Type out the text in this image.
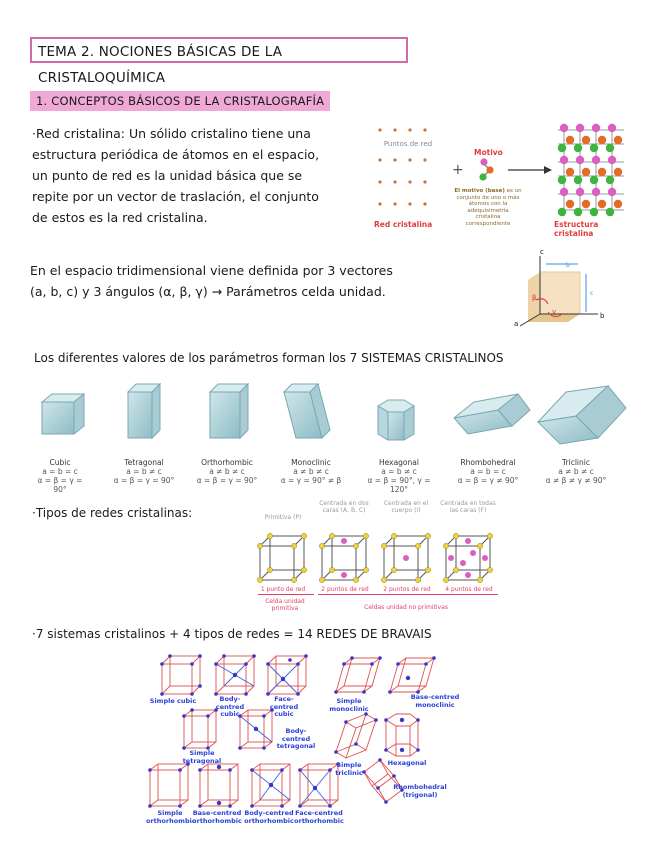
TEMA 2. NOCIONES BÁSICAS DE LA CRISTALOQUÍMICA
1. CONCEPTOS BÁSICOS DE LA CRISTALOGRAFÍA
·Red cristalina: Un sólido cristalino tiene una
estructura periódica de átomos en el espacio,
un punto de red es la unidad básica que se
repite por un vector de traslación, el conjunto
de estos es la red cristalina.
Puntos de red
+
Motivo
El motivo (base) es un conjunto de uno o más átomos con la adequisimetría cristalina correspondiente
Red cristalina	Estructura cristalina
En el espacio tridimensional viene definida por 3 vectores
(a, b, c) y 3 ángulos (α, β, γ) → Parámetros celda unidad.
c
b
a
b
c
β
γ
Los diferentes valores de los parámetros forman los 7 SISTEMAS CRISTALINOS
Cubic
a = b = c
α = β = γ = 90°
Tetragonal
a = b ≠ c
α = β = γ = 90°
Orthorhombic
a ≠ b ≠ c
α = β = γ = 90°
Monoclinic
a ≠ b ≠ c
α = γ = 90° ≠ β
Hexagonal
a = b ≠ c
α = β = 90°, γ = 120°
Rhombohedral
a = b = c
α = β = γ ≠ 90°
Triclinic
a ≠ b ≠ c
α ≠ β ≠ γ ≠ 90°
·Tipos de redes cristalinas:	Primitiva (P)
Centrada en dos caras (A, B, C)
Centrada en el cuerpo (I)
Centrada en todas las caras (F)
1 punto de red	2 puntos de red	2 puntos de red	4 puntos de red
Celda unidad primitiva	Celdas unidad no primitivas
·7 sistemas cristalinos + 4 tipos de redes = 14 REDES DE BRAVAIS
Simple cubic	Body-centred cubic
Face-centred cubic
Simple monoclinic
Base-centred monoclinic
Simple tetragonal
Body-centred tetragonal
Simple triclinic
Hexagonal
Simple orthorhombic
Base-centred orthorhombic
Body-centred orthorhombic
Face-centred orthorhombic
Rhombohedral (trigonal)
